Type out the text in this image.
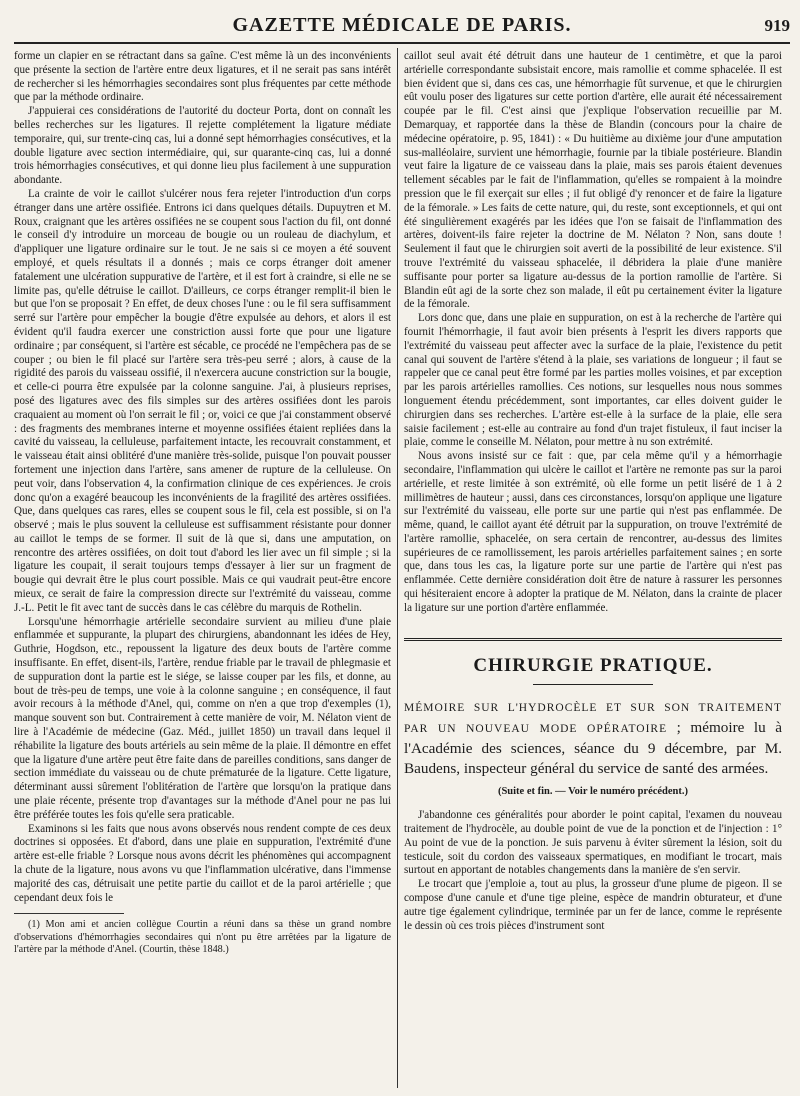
GAZETTE MÉDICALE DE PARIS.	919

forme un clapier en se rétractant dans sa gaîne. C'est même là un des inconvénients que présente la section de l'artère entre deux ligatures, et il ne serait pas sans intérêt de rechercher si les hémorrhagies secondaires sont plus fréquentes par cette méthode que par la méthode ordinaire.

J'appuierai ces considérations de l'autorité du docteur Porta, dont on connaît les belles recherches sur les ligatures. Il rejette complétement la ligature médiate temporaire, qui, sur trente-cinq cas, lui a donné sept hémorrhagies consécutives, et la double ligature avec section intermédiaire, qui, sur quarante-cinq cas, lui a donné trois hémorrhagies consécutives, et qui donne lieu plus facilement à une suppuration abondante.

La crainte de voir le caillot s'ulcérer nous fera rejeter l'introduction d'un corps étranger dans une artère ossifiée. Entrons ici dans quelques détails. Dupuytren et M. Roux, craignant que les artères ossifiées ne se coupent sous l'action du fil, ont donné le conseil d'y introduire un morceau de bougie ou un rouleau de diachylum, et d'appliquer une ligature ordinaire sur le tout. Je ne sais si ce moyen a été souvent employé, et quels résultats il a donnés ; mais ce corps étranger doit amener fatalement une ulcération suppurative de l'artère, et il est fort à craindre, si elle ne se limite pas, qu'elle détruise le caillot. D'ailleurs, ce corps étranger remplit-il bien le but que l'on se proposait ? En effet, de deux choses l'une : ou le fil sera suffisamment serré sur l'artère pour empêcher la bougie d'être expulsée au dehors, et alors il est évident qu'il faudra exercer une constriction aussi forte que pour une ligature ordinaire ; par conséquent, si l'artère est sécable, ce procédé ne l'empêchera pas de se couper ; ou bien le fil placé sur l'artère sera très-peu serré ; alors, à cause de la rigidité des parois du vaisseau ossifié, il n'exercera aucune constriction sur la bougie, et celle-ci pourra être expulsée par la colonne sanguine. J'ai, à plusieurs reprises, posé des ligatures avec des fils simples sur des artères ossifiées dont les parois craquaient au moment où l'on serrait le fil ; or, voici ce que j'ai constamment observé : des fragments des membranes interne et moyenne ossifiées étaient repliées dans la cavité du vaisseau, la celluleuse, parfaitement intacte, les recouvrait constamment, et le vaisseau était ainsi oblitéré d'une manière très-solide, puisque l'on pouvait pousser fortement une injection dans l'artère, sans amener de rupture de la celluleuse. On peut voir, dans l'observation 4, la confirmation clinique de ces expériences. Je crois donc qu'on a exagéré beaucoup les inconvénients de la fragilité des artères ossifiées. Que, dans quelques cas rares, elles se coupent sous le fil, cela est possible, si on l'a observé ; mais le plus souvent la celluleuse est suffisamment résistante pour donner au caillot le temps de se former. Il suit de là que si, dans une amputation, on rencontre des artères ossifiées, on doit tout d'abord les lier avec un fil simple ; si la ligature les coupait, il serait toujours temps d'essayer à lier sur un fragment de bougie qui devrait être le plus court possible. Mais ce qui vaudrait peut-être encore mieux, ce serait de faire la compression directe sur l'extrémité du vaisseau, comme J.-L. Petit le fit avec tant de succès dans le cas célèbre du marquis de Rothelin.

Lorsqu'une hémorrhagie artérielle secondaire survient au milieu d'une plaie enflammée et suppurante, la plupart des chirurgiens, abandonnant les idées de Hey, Guthrie, Hogdson, etc., repoussent la ligature des deux bouts de l'artère comme insuffisante. En effet, disent-ils, l'artère, rendue friable par le travail de phlegmasie et de suppuration dont la partie est le siége, se laisse couper par les fils, et donne, au bout de très-peu de temps, une voie à la colonne sanguine ; en conséquence, il faut avoir recours à la méthode d'Anel, qui, comme on n'en a que trop d'exemples (1), manque souvent son but. Contrairement à cette manière de voir, M. Nélaton vient de lire à l'Académie de médecine (Gaz. Méd., juillet 1850) un travail dans lequel il réhabilite la ligature des bouts artériels au sein même de la plaie. Il démontre en effet que la ligature d'une artère peut être faite dans de pareilles conditions, sans danger de section immédiate du vaisseau ou de chute prématurée de la ligature. Cette ligature, déterminant aussi sûrement l'oblitération de l'artère que lorsqu'on la pratique dans une plaie récente, présente trop d'avantages sur la méthode d'Anel pour ne pas lui être préférée toutes les fois qu'elle sera praticable.

Examinons si les faits que nous avons observés nous rendent compte de ces deux doctrines si opposées. Et d'abord, dans une plaie en suppuration, l'extrémité d'une artère est-elle friable ? Lorsque nous avons décrit les phénomènes qui accompagnent la chute de la ligature, nous avons vu que l'inflammation ulcérative, dans l'immense majorité des cas, détruisait une petite partie du caillot et de la paroi artérielle ; que cependant deux fois le

(1) Mon ami et ancien collègue Courtin a réuni dans sa thèse un grand nombre d'observations d'hémorrhagies secondaires qui n'ont pu être arrêtées par la ligature de l'artère par la méthode d'Anel. (Courtin, thèse 1848.)

caillot seul avait été détruit dans une hauteur de 1 centimètre, et que la paroi artérielle correspondante subsistait encore, mais ramollie et comme sphacelée. Il est bien évident que si, dans ces cas, une hémorrhagie fût survenue, et que le chirurgien eût voulu poser des ligatures sur cette portion d'artère, elle aurait été nécessairement coupée par le fil. C'est ainsi que j'explique l'observation recueillie par M. Demarquay, et rapportée dans la thèse de Blandin (concours pour la chaire de médecine opératoire, p. 95, 1841) : « Du huitième au dixième jour d'une amputation sus-malléolaire, survient une hémorrhagie, fournie par la tibiale postérieure. Blandin veut faire la ligature de ce vaisseau dans la plaie, mais ses parois étaient devenues tellement sécables par le fait de l'inflammation, qu'elles se rompaient à la moindre pression que le fil exerçait sur elles ; il fut obligé d'y renoncer et de faire la ligature de la fémorale. » Les faits de cette nature, qui, du reste, sont exceptionnels, et qui ont été singulièrement exagérés par les idées que l'on se faisait de l'inflammation des artères, doivent-ils faire rejeter la doctrine de M. Nélaton ? Non, sans doute ! Seulement il faut que le chirurgien soit averti de la possibilité de leur existence. S'il trouve l'extrémité du vaisseau sphacelée, il débridera la plaie d'une manière suffisante pour porter sa ligature au-dessus de la portion ramollie de l'artère. Si Blandin eût agi de la sorte chez son malade, il eût pu certainement éviter la ligature de la fémorale.

Lors donc que, dans une plaie en suppuration, on est à la recherche de l'artère qui fournit l'hémorrhagie, il faut avoir bien présents à l'esprit les divers rapports que l'extrémité du vaisseau peut affecter avec la surface de la plaie, l'existence du petit canal qui souvent de l'artère s'étend à la plaie, ses variations de longueur ; il faut se rappeler que ce canal peut être formé par les parties molles voisines, et par exception par les parois artérielles ramollies. Ces notions, sur lesquelles nous nous sommes longuement étendu précédemment, sont importantes, car elles doivent guider le chirurgien dans ses recherches. L'artère est-elle à la surface de la plaie, elle sera saisie facilement ; est-elle au contraire au fond d'un trajet fistuleux, il faut inciser la plaie, comme le conseille M. Nélaton, pour mettre à nu son extrémité.

Nous avons insisté sur ce fait : que, par cela même qu'il y a hémorrhagie secondaire, l'inflammation qui ulcère le caillot et l'artère ne remonte pas sur la paroi artérielle, et reste limitée à son extrémité, où elle forme un petit liséré de 1 à 2 millimètres de hauteur ; aussi, dans ces circonstances, lorsqu'on applique une ligature sur l'extrémité du vaisseau, elle porte sur une partie qui n'est pas enflammée. De même, quand, le caillot ayant été détruit par la suppuration, on trouve l'extrémité de l'artère ramollie, sphacelée, on sera certain de rencontrer, au-dessus des limites supérieures de ce ramollissement, les parois artérielles parfaitement saines ; en sorte que, dans tous les cas, la ligature porte sur une partie de l'artère qui n'est pas enflammée. Cette dernière considération doit être de nature à rassurer les personnes qui hésiteraient encore à adopter la pratique de M. Nélaton, dans la crainte de placer la ligature sur une portion d'artère enflammée.

CHIRURGIE PRATIQUE.

MÉMOIRE SUR L'HYDROCÈLE ET SUR SON TRAITEMENT PAR UN NOUVEAU MODE OPÉRATOIRE ; mémoire lu à l'Académie des sciences, séance du 9 décembre, par M. Baudens, inspecteur général du service de santé des armées.

(Suite et fin. — Voir le numéro précédent.)

J'abandonne ces généralités pour aborder le point capital, l'examen du nouveau traitement de l'hydrocèle, au double point de vue de la ponction et de l'injection : 1° Au point de vue de la ponction. Je suis parvenu à éviter sûrement la lésion, soit du testicule, soit du cordon des vaisseaux spermatiques, en modifiant le trocart, mais surtout en apportant de notables changements dans la manière de s'en servir.

Le trocart que j'emploie a, tout au plus, la grosseur d'une plume de pigeon. Il se compose d'une canule et d'une tige pleine, espèce de mandrin obturateur, et d'une autre tige également cylindrique, terminée par un fer de lance, comme le représente le dessin où ces trois pièces d'instrument sont
